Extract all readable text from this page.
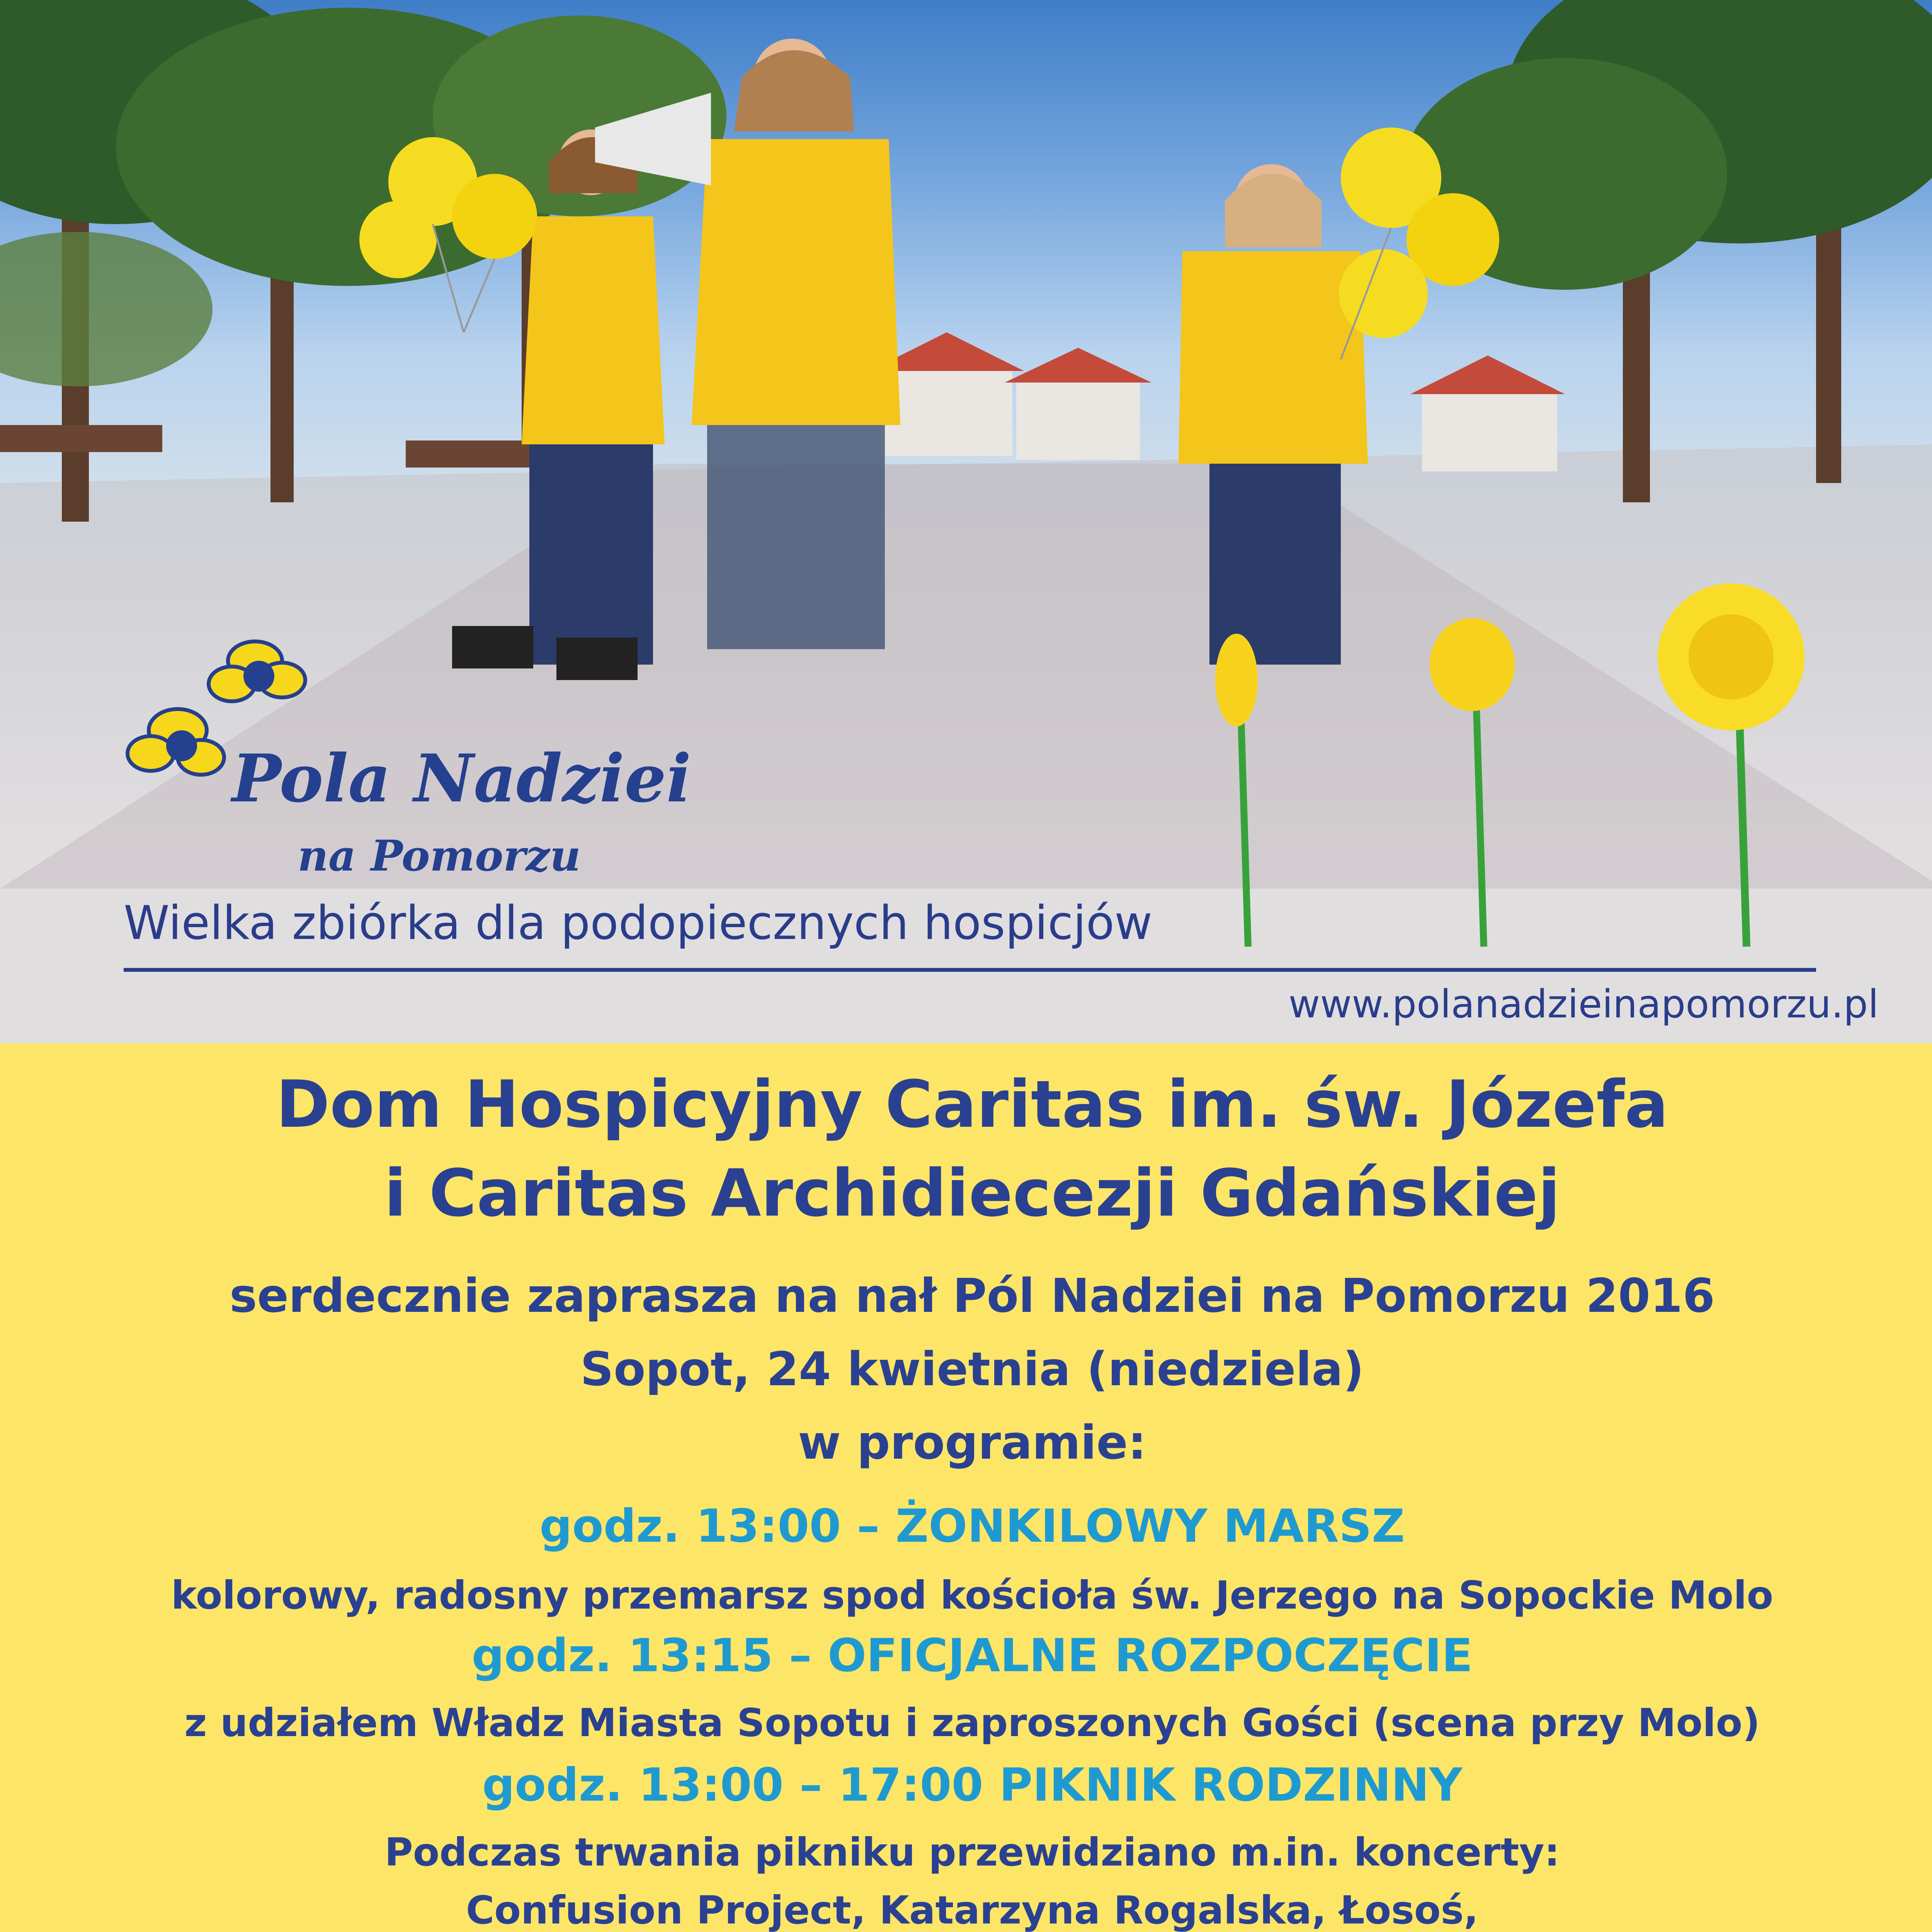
Pola Nadziei
na Pomorzu
Wielka zbiórka dla podopiecznych hospicjów
www.polanadzieinapomorzu.pl
Dom Hospicyjny Caritas im. św. Józefa
i Caritas Archidiecezji Gdańskiej
serdecznie zaprasza na nał Pól Nadziei na Pomorzu 2016
Sopot, 24 kwietnia (niedziela)
w programie:
godz. 13:00 – ŻONKILOWY MARSZ
kolorowy, radosny przemarsz spod kościoła św. Jerzego na Sopockie Molo
godz. 13:15 – OFICJALNE ROZPOCZĘCIE
z udziałem Władz Miasta Sopotu i zaproszonych Gości (scena przy Molo)
godz. 13:00 – 17:00 PIKNIK RODZINNY
Podczas trwania pikniku przewidziano m.in. koncerty:
Confusion Project, Katarzyna Rogalska, Łosoś,
